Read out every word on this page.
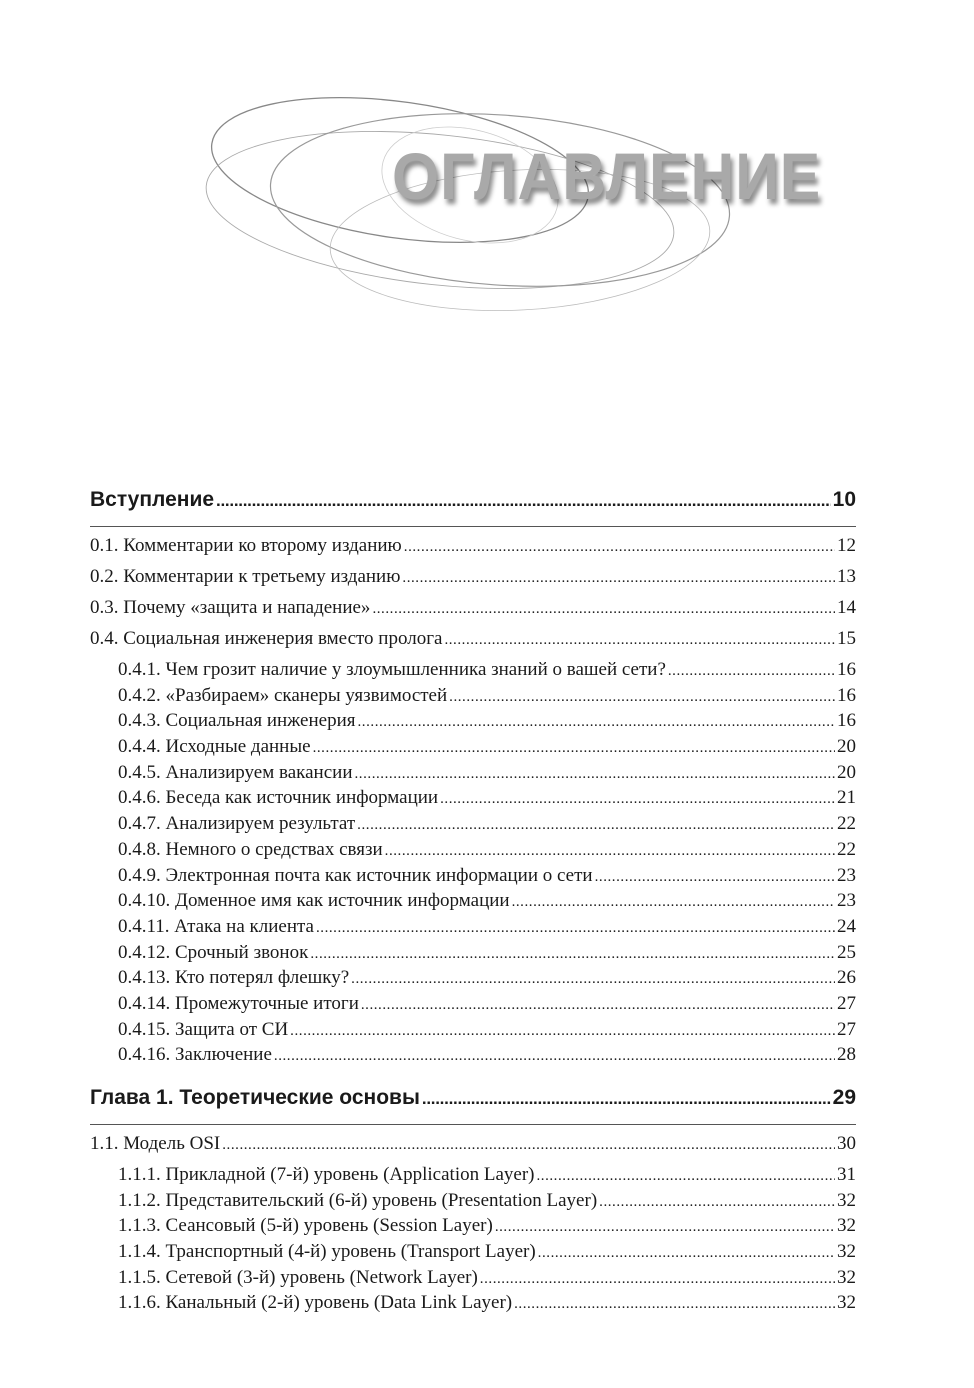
ОГЛАВЛЕНИЕ
Вступление . . .	10
0.1. Комментарии ко второму изданию . . .	12
0.2. Комментарии к третьему изданию . . .	13
0.3. Почему «защита и нападение» . . .	14
0.4. Социальная инженерия вместо пролога . . .	15
0.4.1. Чем грозит наличие у злоумышленника знаний о вашей сети? . . .	16
0.4.2. «Разбираем» сканеры уязвимостей . . .	16
0.4.3. Социальная инженерия . . .	16
0.4.4. Исходные данные . . .	20
0.4.5. Анализируем вакансии . . .	20
0.4.6. Беседа как источник информации . . .	21
0.4.7. Анализируем результат . . .	22
0.4.8. Немного о средствах связи . . .	22
0.4.9. Электронная почта как источник информации о сети . . .	23
0.4.10. Доменное имя как источник информации . . .	23
0.4.11. Атака на клиента . . .	24
0.4.12. Срочный звонок . . .	25
0.4.13. Кто потерял флешку? . . .	26
0.4.14. Промежуточные итоги . . .	27
0.4.15. Защита от СИ . . .	27
0.4.16. Заключение . . .	28
Глава 1. Теоретические основы . . .	29
1.1. Модель OSI . . .	30
1.1.1. Прикладной (7-й) уровень (Application Layer) . . .	31
1.1.2. Представительский (6-й) уровень (Presentation Layer) . . .	32
1.1.3. Сеансовый (5-й) уровень (Session Layer) . . .	32
1.1.4. Транспортный (4-й) уровень (Transport Layer) . . .	32
1.1.5. Сетевой (3-й) уровень (Network Layer) . . .	32
1.1.6. Канальный (2-й) уровень (Data Link Layer) . . .	32
